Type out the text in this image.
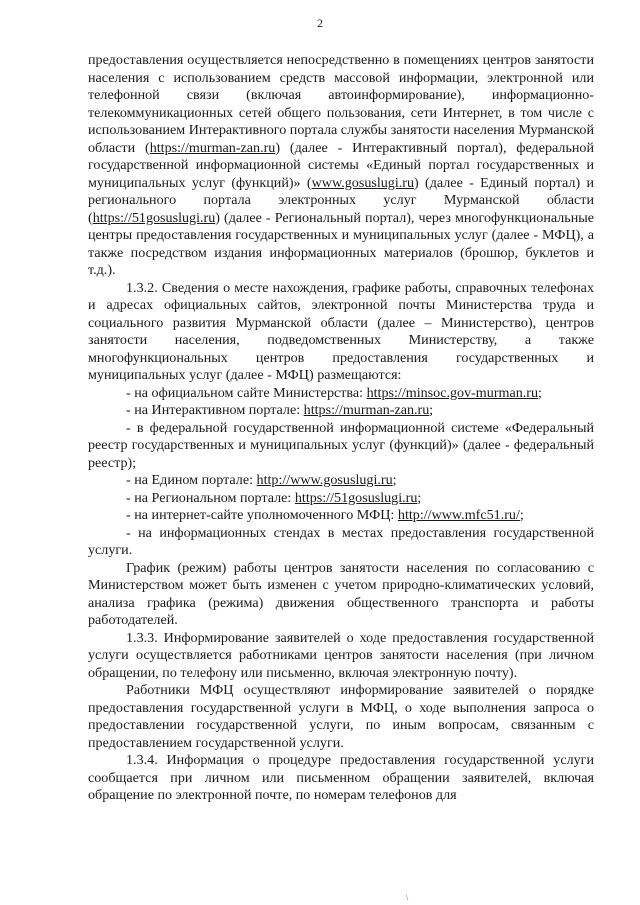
2

предоставления осуществляется непосредственно в помещениях центров занятости населения с использованием средств массовой информации, электронной или телефонной связи (включая автоинформирование), информационно-телекоммуникационных сетей общего пользования, сети Интернет, в том числе с использованием Интерактивного портала службы занятости населения Мурманской области (https://murman-zan.ru) (далее - Интерактивный портал), федеральной государственной информационной системы «Единый портал государственных и муниципальных услуг (функций)» (www.gosuslugi.ru) (далее - Единый портал) и регионального портала электронных услуг Мурманской области (https://51gosuslugi.ru) (далее - Региональный портал), через многофункциональные центры предоставления государственных и муниципальных услуг (далее - МФЦ), а также посредством издания информационных материалов (брошюр, буклетов и т.д.).

1.3.2. Сведения о месте нахождения, графике работы, справочных телефонах и адресах официальных сайтов, электронной почты Министерства труда и социального развития Мурманской области (далее – Министерство), центров занятости населения, подведомственных Министерству, а также многофункциональных центров предоставления государственных и муниципальных услуг (далее - МФЦ) размещаются:

- на официальном сайте Министерства: https://minsoc.gov-murman.ru;

- на Интерактивном портале: https://murman-zan.ru;

- в федеральной государственной информационной системе «Федеральный реестр государственных и муниципальных услуг (функций)» (далее - федеральный реестр);

- на Едином портале: http://www.gosuslugi.ru;

- на Региональном портале: https://51gosuslugi.ru;

- на интернет-сайте уполномоченного МФЦ: http://www.mfc51.ru/;

- на информационных стендах в местах предоставления государственной услуги.

График (режим) работы центров занятости населения по согласованию с Министерством может быть изменен с учетом природно-климатических условий, анализа графика (режима) движения общественного транспорта и работы работодателей.

1.3.3. Информирование заявителей о ходе предоставления государственной услуги осуществляется работниками центров занятости населения (при личном обращении, по телефону или письменно, включая электронную почту).

Работники МФЦ осуществляют информирование заявителей о порядке предоставления государственной услуги в МФЦ, о ходе выполнения запроса о предоставлении государственной услуги, по иным вопросам, связанным с предоставлением государственной услуги.

1.3.4. Информация о процедуре предоставления государственной услуги сообщается при личном или письменном обращении заявителей, включая обращение по электронной почте, по номерам телефонов для

\
